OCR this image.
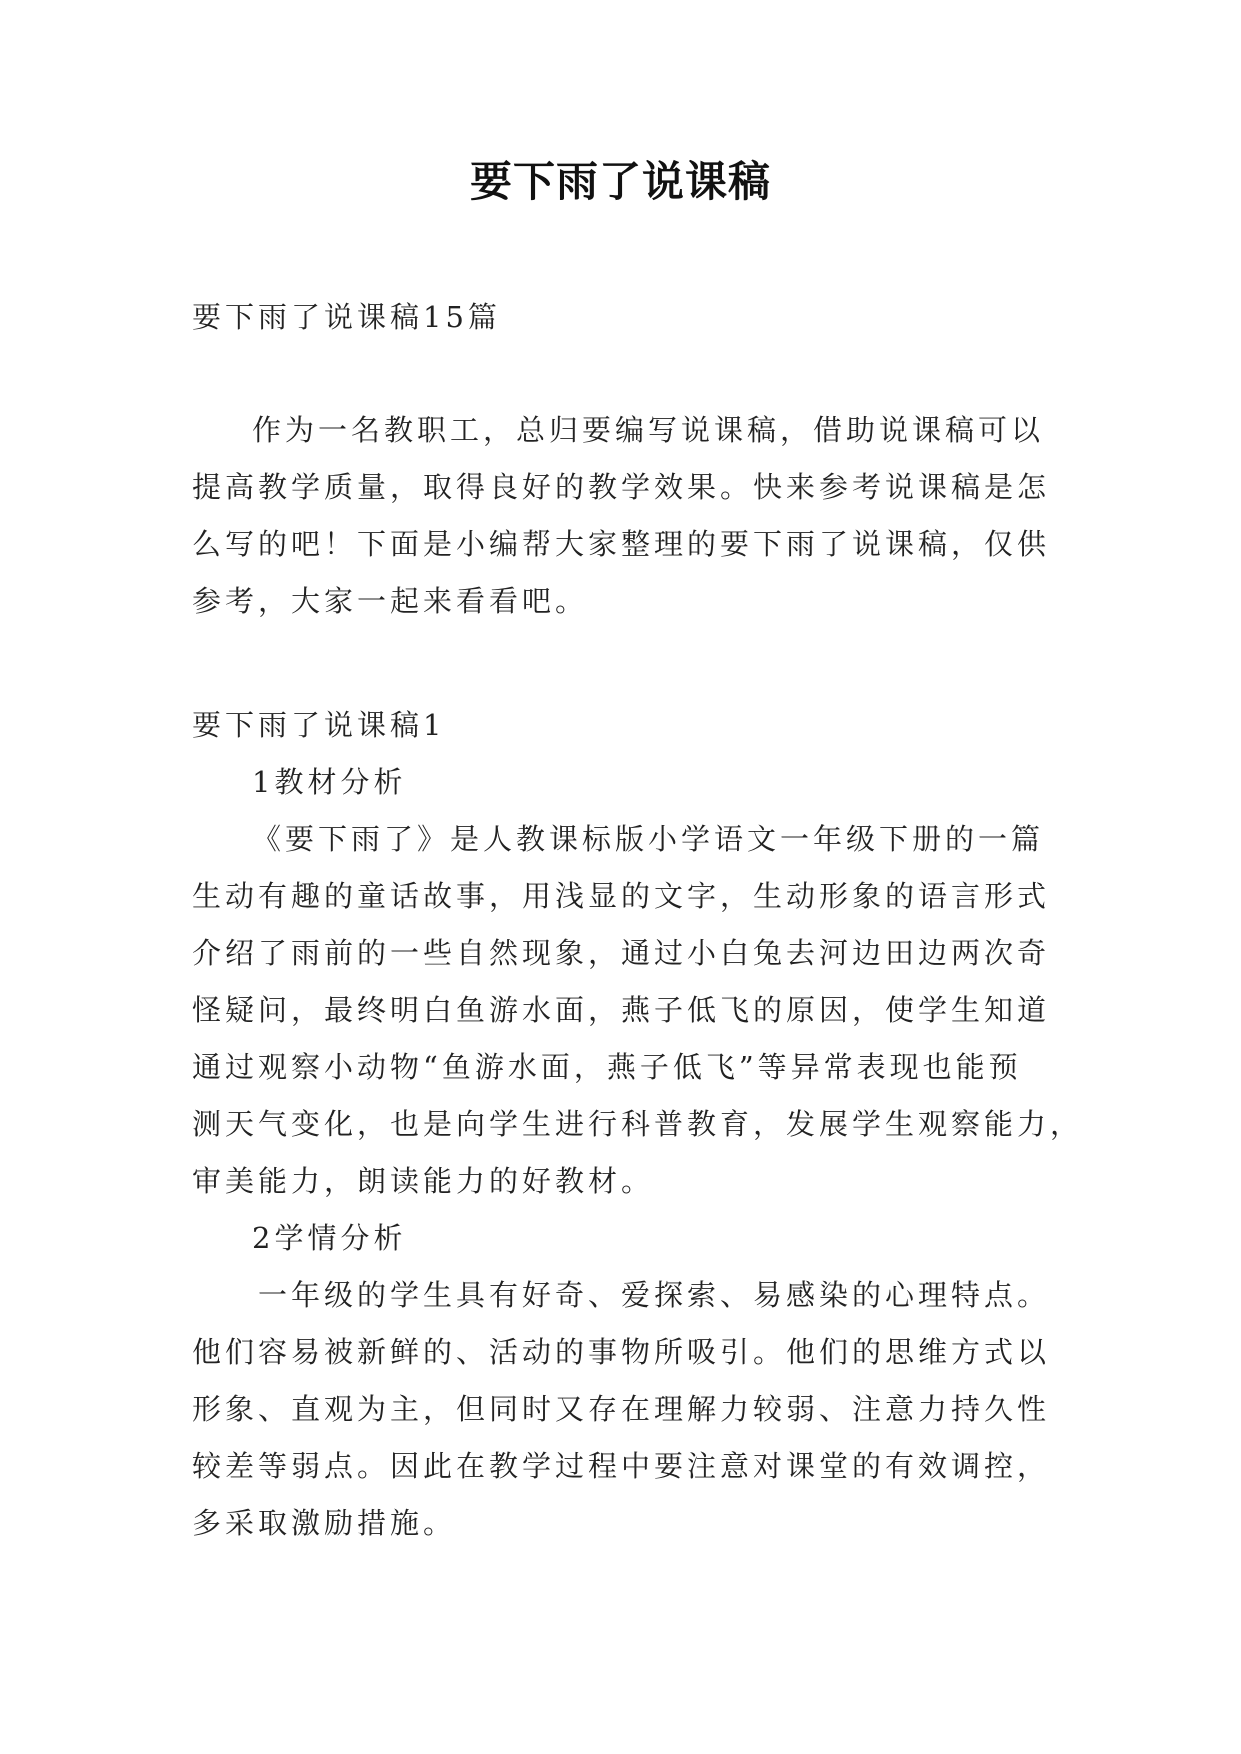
要下雨了说课稿
要下雨了说课稿15篇
作为一名教职工，总归要编写说课稿，借助说课稿可以
提高教学质量，取得良好的教学效果。快来参考说课稿是怎
么写的吧！下面是小编帮大家整理的要下雨了说课稿，仅供
参考，大家一起来看看吧。
要下雨了说课稿1
1教材分析
《要下雨了》是人教课标版小学语文一年级下册的一篇
生动有趣的童话故事，用浅显的文字，生动形象的语言形式
介绍了雨前的一些自然现象，通过小白兔去河边田边两次奇
怪疑问，最终明白鱼游水面，燕子低飞的原因，使学生知道
通过观察小动物“鱼游水面，燕子低飞”等异常表现也能预
测天气变化，也是向学生进行科普教育，发展学生观察能力，
审美能力，朗读能力的好教材。
2学情分析
一年级的学生具有好奇、爱探索、易感染的心理特点。
他们容易被新鲜的、活动的事物所吸引。他们的思维方式以
形象、直观为主，但同时又存在理解力较弱、注意力持久性
较差等弱点。因此在教学过程中要注意对课堂的有效调控，
多采取激励措施。
